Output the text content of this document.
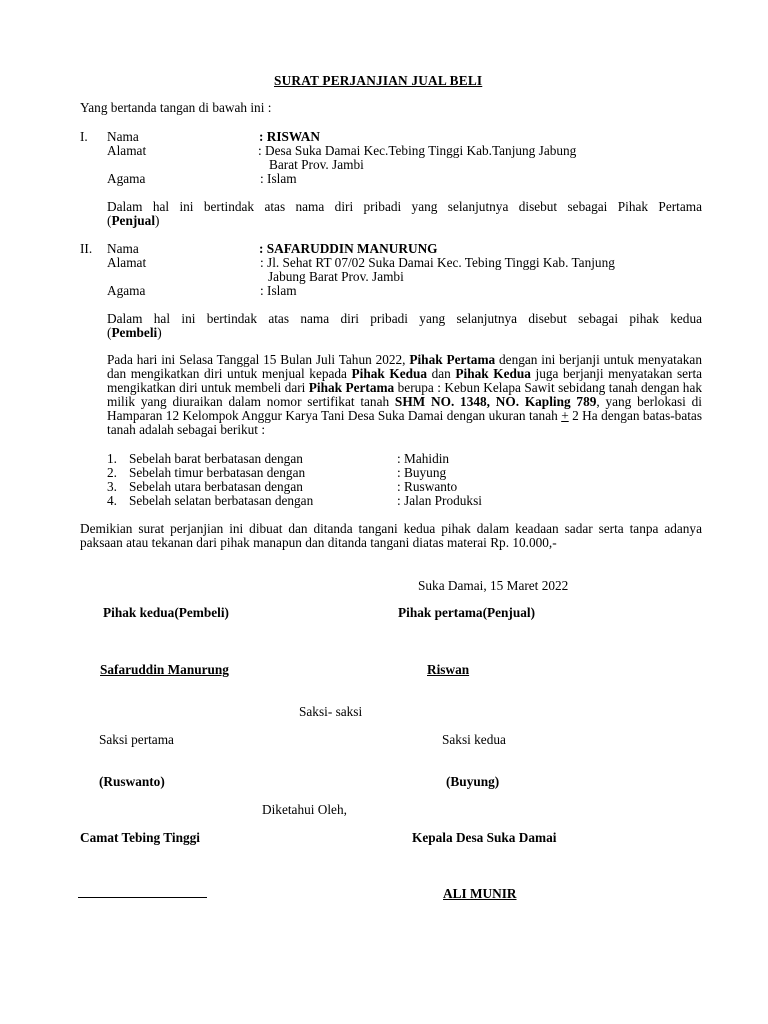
SURAT PERJANJIAN JUAL BELI
Yang bertanda tangan di bawah ini :
I. Nama	: RISWAN
Alamat	: Desa Suka Damai Kec.Tebing Tinggi Kab.Tanjung Jabung
Barat Prov. Jambi
Agama	: Islam
Dalam hal ini bertindak atas nama diri pribadi yang selanjutnya disebut sebagai Pihak Pertama
(Penjual)
II. Nama	: SAFARUDDIN MANURUNG
Alamat	: Jl. Sehat RT 07/02 Suka Damai Kec. Tebing Tinggi Kab. Tanjung
Jabung Barat Prov. Jambi
Agama	: Islam
Dalam hal ini bertindak atas nama diri pribadi yang selanjutnya disebut sebagai pihak kedua
(Pembeli)
Pada hari ini Selasa Tanggal 15 Bulan Juli Tahun 2022, Pihak Pertama dengan ini berjanji untuk menyatakan dan mengikatkan diri untuk menjual kepada Pihak Kedua dan Pihak Kedua juga berjanji menyatakan serta mengikatkan diri untuk membeli dari Pihak Pertama berupa : Kebun Kelapa Sawit sebidang tanah dengan hak milik yang diuraikan dalam nomor sertifikat tanah SHM NO. 1348, NO. Kapling 789, yang berlokasi di Hamparan 12 Kelompok Anggur Karya Tani Desa Suka Damai dengan ukuran tanah + 2 Ha dengan batas-batas tanah adalah sebagai berikut :
1. Sebelah barat berbatasan dengan	: Mahidin
2. Sebelah timur berbatasan dengan	: Buyung
3. Sebelah utara berbatasan dengan	: Ruswanto
4. Sebelah selatan berbatasan dengan	: Jalan Produksi
Demikian surat perjanjian ini dibuat dan ditanda tangani kedua pihak dalam keadaan sadar serta tanpa adanya paksaan atau tekanan dari pihak manapun dan ditanda tangani diatas materai Rp. 10.000,-
Suka Damai, 15 Maret 2022
Pihak kedua(Pembeli)	Pihak pertama(Penjual)
Safaruddin Manurung	Riswan
Saksi- saksi
Saksi pertama	Saksi kedua
(Ruswanto)	(Buyung)
Diketahui Oleh,
Camat Tebing Tinggi	Kepala Desa Suka Damai
ALI MUNIR
